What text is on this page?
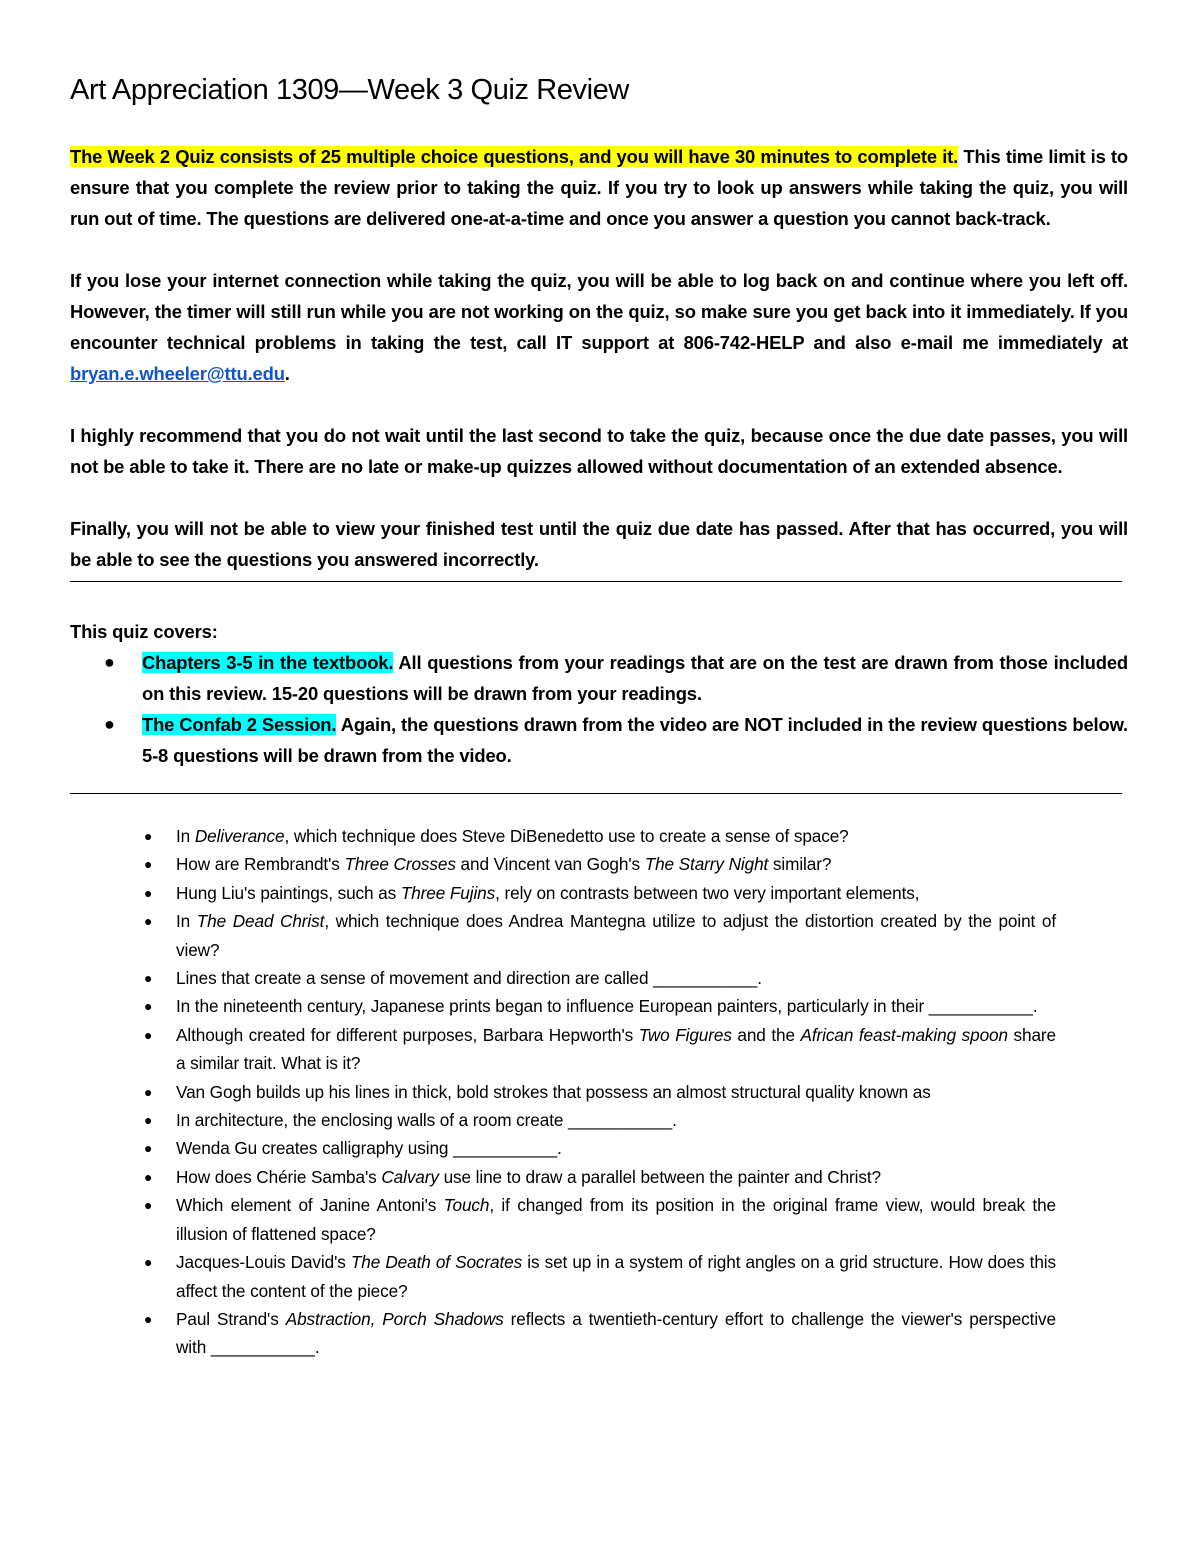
Art Appreciation 1309—Week 3 Quiz Review

The Week 2 Quiz consists of 25 multiple choice questions, and you will have 30 minutes to complete it. This time limit is to ensure that you complete the review prior to taking the quiz. If you try to look up answers while taking the quiz, you will run out of time. The questions are delivered one-at-a-time and once you answer a question you cannot back-track.

If you lose your internet connection while taking the quiz, you will be able to log back on and continue where you left off. However, the timer will still run while you are not working on the quiz, so make sure you get back into it immediately. If you encounter technical problems in taking the test, call IT support at 806-742-HELP and also e-mail me immediately at bryan.e.wheeler@ttu.edu.

I highly recommend that you do not wait until the last second to take the quiz, because once the due date passes, you will not be able to take it. There are no late or make-up quizzes allowed without documentation of an extended absence.

Finally, you will not be able to view your finished test until the quiz due date has passed. After that has occurred, you will be able to see the questions you answered incorrectly.

This quiz covers:
● Chapters 3-5 in the textbook. All questions from your readings that are on the test are drawn from those included on this review. 15-20 questions will be drawn from your readings.
● The Confab 2 Session. Again, the questions drawn from the video are NOT included in the review questions below. 5-8 questions will be drawn from the video.
● In Deliverance, which technique does Steve DiBenedetto use to create a sense of space?
● How are Rembrandt's Three Crosses and Vincent van Gogh's The Starry Night similar?
● Hung Liu's paintings, such as Three Fujins, rely on contrasts between two very important elements,
● In The Dead Christ, which technique does Andrea Mantegna utilize to adjust the distortion created by the point of view?
● Lines that create a sense of movement and direction are called ___________.
● In the nineteenth century, Japanese prints began to influence European painters, particularly in their ___________.
● Although created for different purposes, Barbara Hepworth's Two Figures and the African feast-making spoon share a similar trait. What is it?
● Van Gogh builds up his lines in thick, bold strokes that possess an almost structural quality known as
● In architecture, the enclosing walls of a room create ___________.
● Wenda Gu creates calligraphy using ___________.
● How does Chérie Samba's Calvary use line to draw a parallel between the painter and Christ?
● Which element of Janine Antoni's Touch, if changed from its position in the original frame view, would break the illusion of flattened space?
● Jacques-Louis David's The Death of Socrates is set up in a system of right angles on a grid structure. How does this affect the content of the piece?
● Paul Strand's Abstraction, Porch Shadows reflects a twentieth-century effort to challenge the viewer's perspective with ___________.
